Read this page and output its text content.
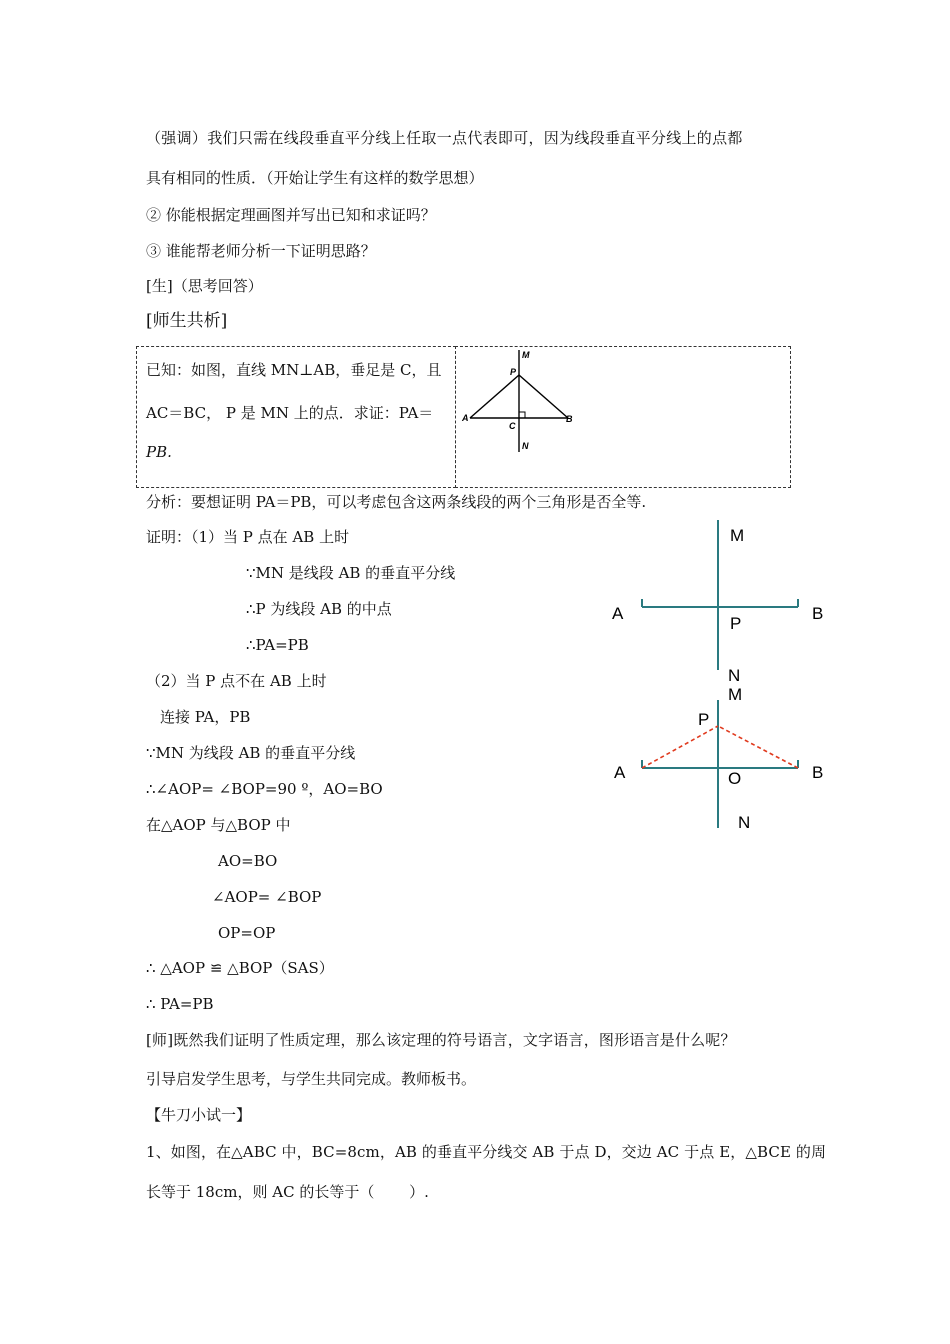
（强调）我们只需在线段垂直平分线上任取一点代表即可，因为线段垂直平分线上的点都
具有相同的性质．（开始让学生有这样的数学思想）
② 你能根据定理画图并写出已知和求证吗？
③ 谁能帮老师分析一下证明思路？
[生]（思考回答）
[师生共析]
已知：如图，直线 MN⊥AB，垂足是 C，且
AC＝BC， P 是 MN 上的点．求证：PA＝
PB.
M
P
A
C
B
N
分析：要想证明 PA＝PB，可以考虑包含这两条线段的两个三角形是否全等.
证明：（1）当 P 点在 AB 上时
∵MN 是线段 AB 的垂直平分线
∴P 为线段 AB 的中点
∴PA=PB
（2）当 P 点不在 AB 上时
连接 PA，PB
∵MN 为线段 AB 的垂直平分线
∴∠AOP= ∠BOP=90 º，AO=BO
在△AOP 与△BOP 中
AO=BO
∠AOP= ∠BOP
OP=OP
∴ △AOP ≌ △BOP（SAS）
∴ PA=PB
M
A
P
B
N
M
P
A	O	B
N
[师]既然我们证明了性质定理，那么该定理的符号语言，文字语言，图形语言是什么呢？
引导启发学生思考，与学生共同完成。教师板书。
【牛刀小试一】
1、如图，在△ABC 中，BC=8cm，AB 的垂直平分线交 AB 于点 D，交边 AC 于点 E，△BCE 的周
长等于 18cm，则 AC 的长等于（　　 ）.
